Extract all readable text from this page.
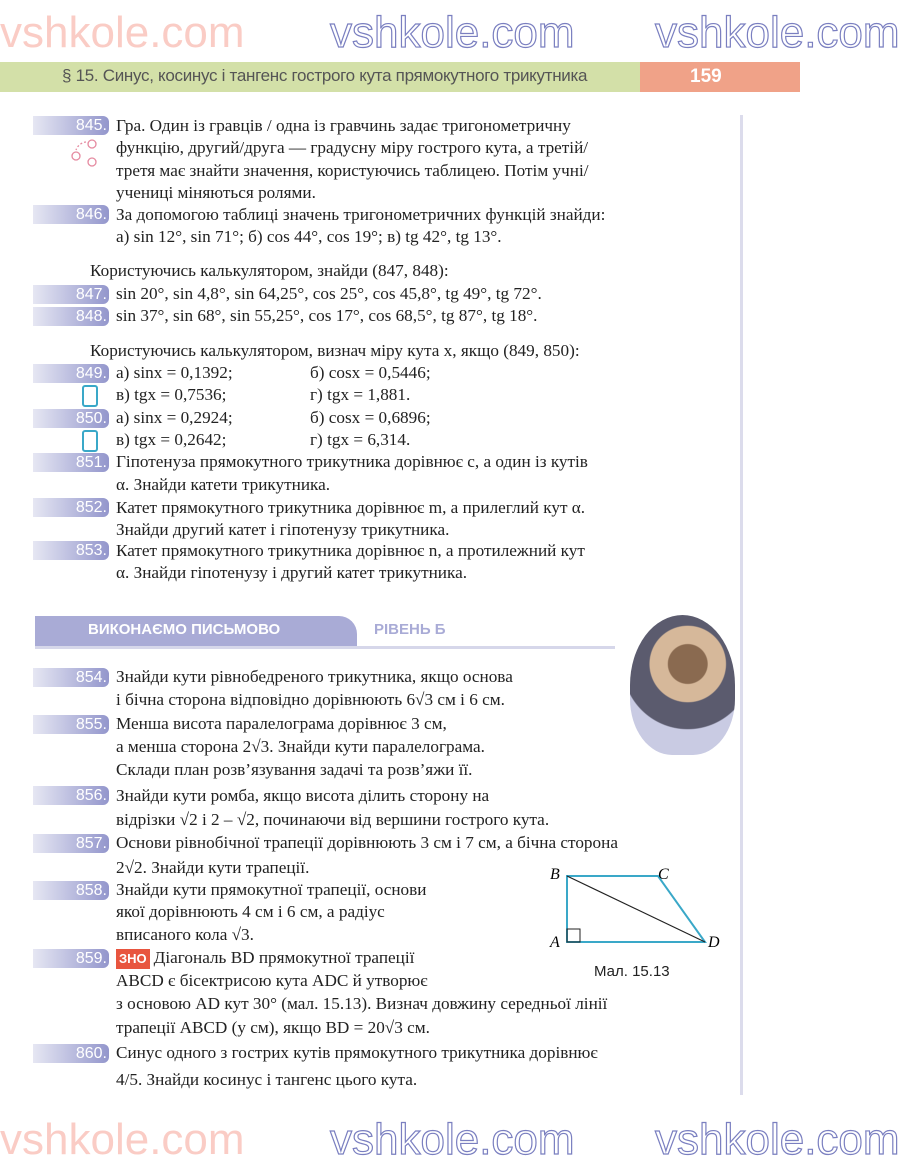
§ 15. Синус, косинус і тангенс гострого кута прямокутного трикутника	159
845. Гра. Один із гравців / одна із гравчинь задає тригонометричну
функцію, другий/друга — градусну міру гострого кута, а третій/
третя має знайти значення, користуючись таблицею. Потім учні/
учениці міняються ролями.
846. За допомогою таблиці значень тригонометричних функцій знайди:
а) sin 12°, sin 71°; б) cos 44°, cos 19°; в) tg 42°, tg 13°.
Користуючись калькулятором, знайди (847, 848):
847. sin 20°, sin 4,8°, sin 64,25°, cos 25°, cos 45,8°, tg 49°, tg 72°.
848. sin 37°, sin 68°, sin 55,25°, cos 17°, cos 68,5°, tg 87°, tg 18°.
Користуючись калькулятором, визнач міру кута x, якщо (849, 850):
849. а) sinx = 0,1392;	б) cosx = 0,5446;
в) tgx = 0,7536;	г) tgx = 1,881.
850. а) sinx = 0,2924;	б) cosx = 0,6896;
в) tgx = 0,2642;	г) tgx = 6,314.
851. Гіпотенуза прямокутного трикутника дорівнює c, а один із кутів
α. Знайди катети трикутника.
852. Катет прямокутного трикутника дорівнює m, а прилеглий кут α.
Знайди другий катет і гіпотенузу трикутника.
853. Катет прямокутного трикутника дорівнює n, а протилежний кут
α. Знайди гіпотенузу і другий катет трикутника.
ВИКОНАЄМО ПИСЬМОВО	РІВЕНЬ Б
854. Знайди кути рівнобедреного трикутника, якщо основа
і бічна сторона відповідно дорівнюють 6√3 см і 6 см.
855. Менша висота паралелограма дорівнює 3 см,
а менша сторона 2√3. Знайди кути паралелограма.
Склади план розв’язування задачі та розв’яжи її.
856. Знайди кути ромба, якщо висота ділить сторону на
відрізки √2 і 2 – √2, починаючи від вершини гострого кута.
857. Основи рівнобічної трапеції дорівнюють 3 см і 7 см, а бічна сторона
2√2. Знайди кути трапеції.
858. Знайди кути прямокутної трапеції, основи
якої дорівнюють 4 см і 6 см, а радіус
вписаного кола √3.
859. ЗНО Діагональ BD прямокутної трапеції
ABCD є бісектрисою кута ADC й утворює
з основою AD кут 30° (мал. 15.13). Визнач довжину середньої лінії
трапеції ABCD (у см), якщо BD = 20√3 см.
860. Синус одного з гострих кутів прямокутного трикутника дорівнює
4/5. Знайди косинус і тангенс цього кута.
B	C
A	D
Мал. 15.13
vshkole.com vshkole.com vshkole.com
vshkole.com vshkole.com vshkole.com
